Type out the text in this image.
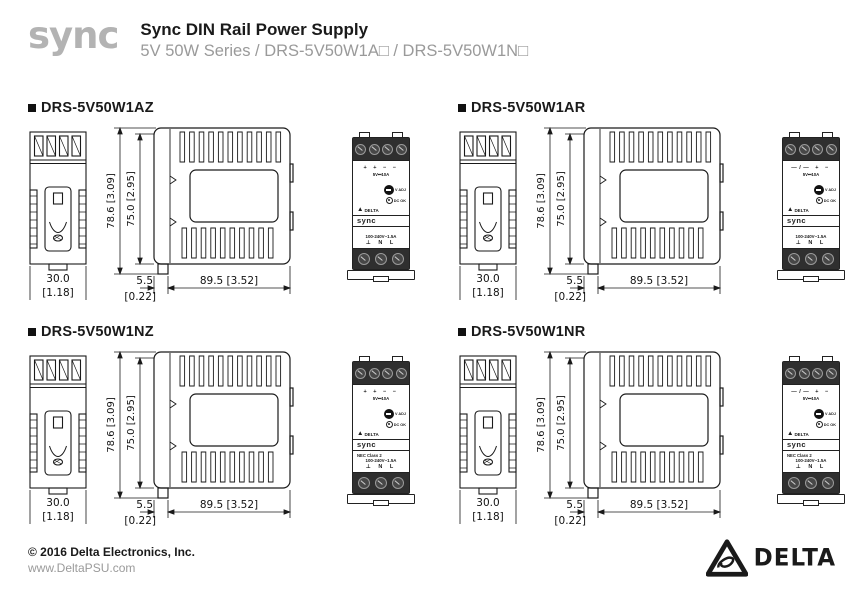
sync Sync DIN Rail Power Supply
5V 50W Series / DRS-5V50W1A□ / DRS-5V50W1N□
DRS-5V50W1AZ
30.0
[1.18]
78.6 [3.09] 75.0 [2.95]
5.5
[0.22]
89.5 [3.52]
+ + − −
5V⎓10A
V ADJ
DC OK
▲ DELTA
sync
100-240V~1.5A
⊥ N L
DRS-5V50W1AR
30.0
[1.18]
78.6 [3.09] 75.0 [2.95]
5.5
[0.22]
89.5 [3.52]
—/— + −
5V⎓10A
V ADJ
DC OK
▲ DELTA
sync
100-240V~1.5A
⊥ N L
DRS-5V50W1NZ
30.0
[1.18]
78.6 [3.09] 75.0 [2.95]
5.5
[0.22]
89.5 [3.52]
+ + − −
5V⎓10A
V ADJ
DC OK
▲ DELTA
sync
NEC Class 2
100-240V~1.5A
⊥ N L
DRS-5V50W1NR
30.0
[1.18]
78.6 [3.09] 75.0 [2.95]
5.5
[0.22]
89.5 [3.52]
—/— + −
5V⎓10A
V ADJ
DC OK
▲ DELTA
sync
NEC Class 2
100-240V~1.5A
⊥ N L
© 2016 Delta Electronics, Inc.
www.DeltaPSU.com	DELTA
